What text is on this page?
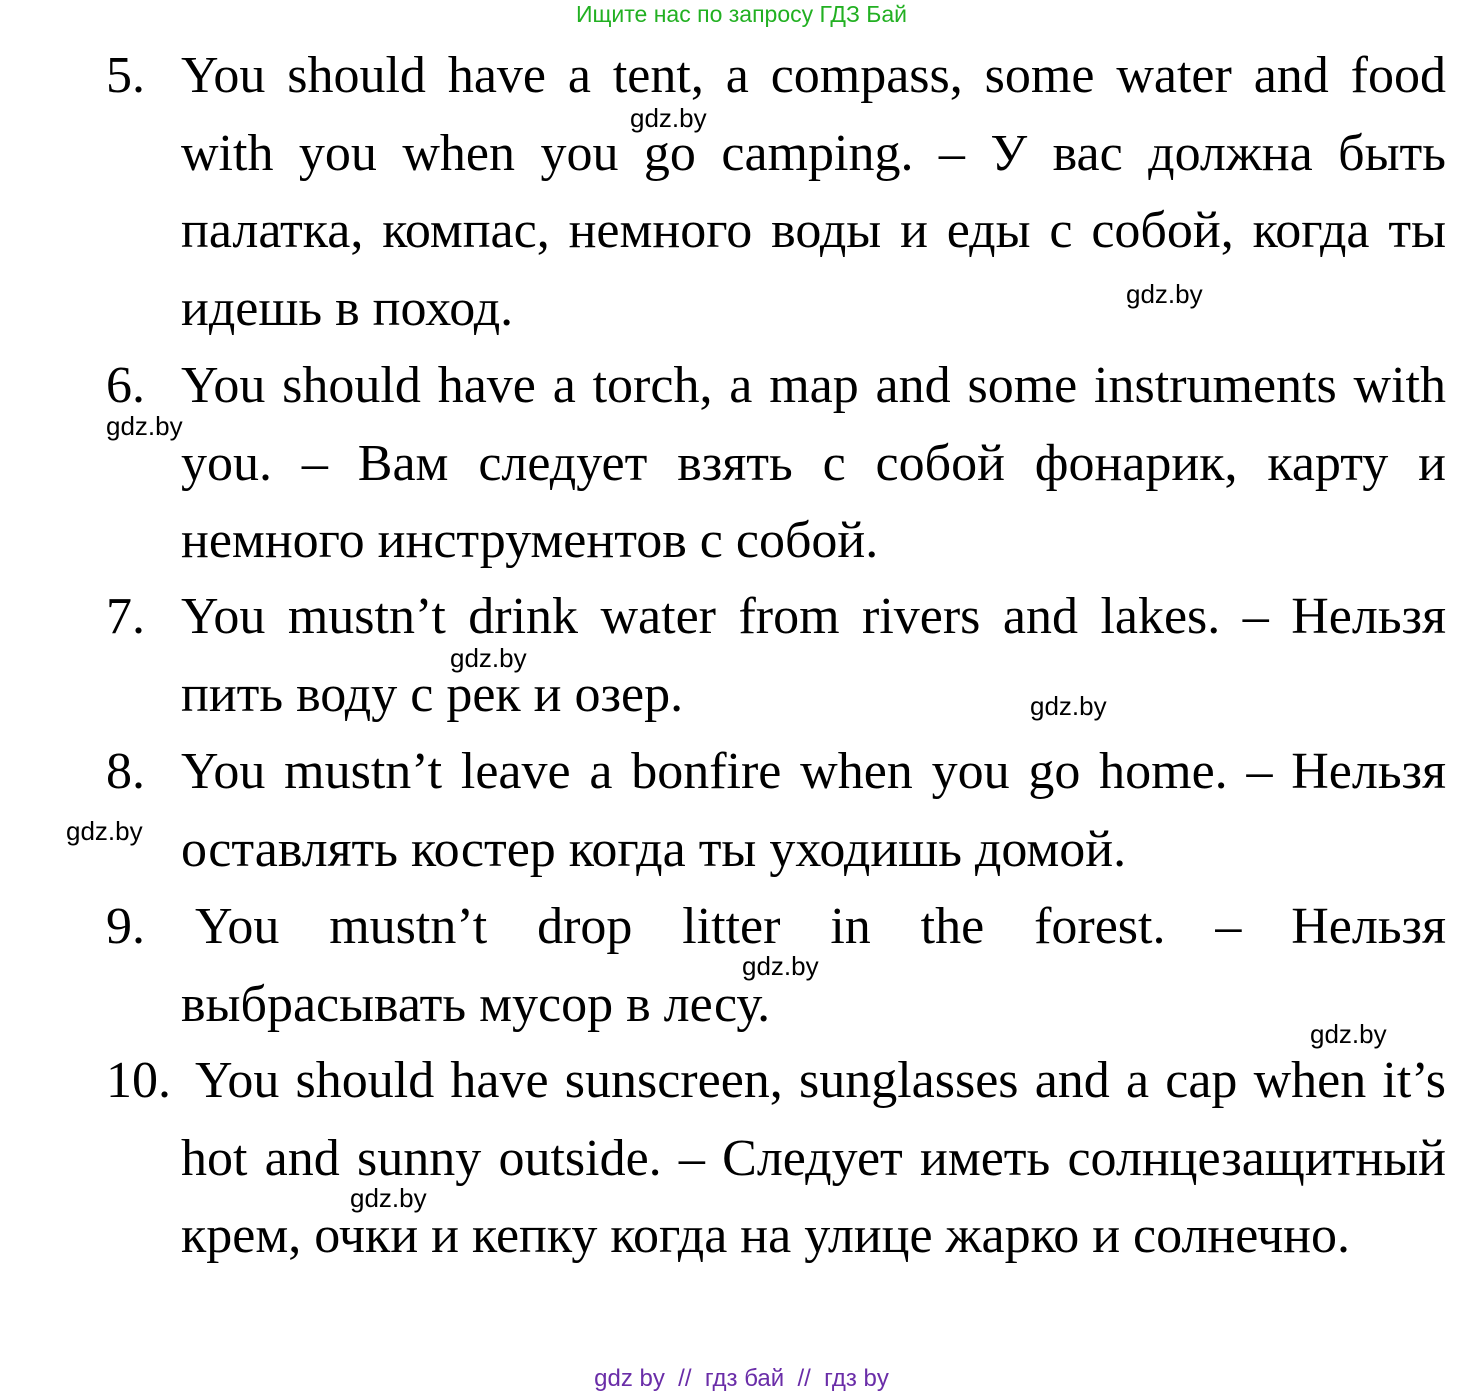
Ищите нас по запросу ГДЗ Бай
5. You should have a tent, a compass, some water and food with you when you go camping. – У вас должна быть палатка, компас, немного воды и еды с собой, когда ты идешь в поход.
6. You should have a torch, a map and some instruments with you. – Вам следует взять с собой фонарик, карту и немного инструментов с собой.
7. You mustn’t drink water from rivers and lakes. – Нельзя пить воду с рек и озер.
8. You mustn’t leave a bonfire when you go home. – Нельзя оставлять костер когда ты уходишь домой.
9. You mustn’t drop litter in the forest. – Нельзя выбрасывать мусор в лесу.
10. You should have sunscreen, sunglasses and a cap when it’s hot and sunny outside. – Следует иметь солнцезащитный крем, очки и кепку когда на улице жарко и солнечно.
gdz.by
gdz.by
gdz.by
gdz.by
gdz.by
gdz.by
gdz.by
gdz.by
gdz.by
gdz by  //  гдз бай  //  гдз by
